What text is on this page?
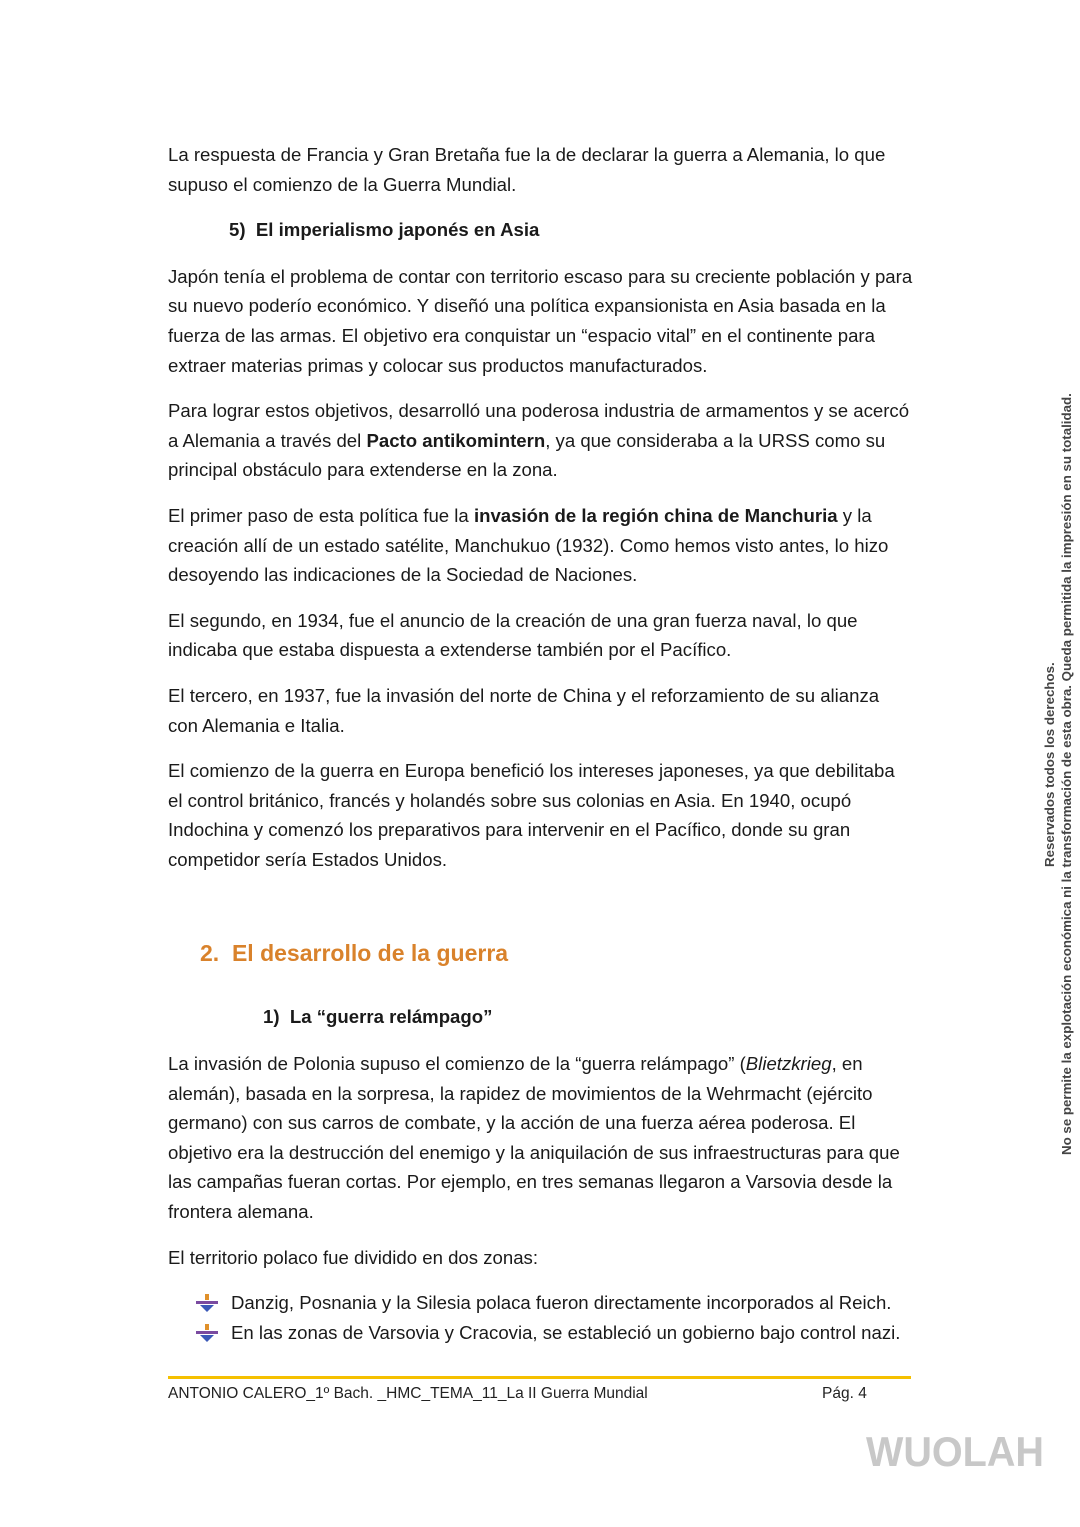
La respuesta de Francia y Gran Bretaña fue la de declarar la guerra a Alemania, lo que supuso el comienzo de la Guerra Mundial.

5) El imperialismo japonés en Asia

Japón tenía el problema de contar con territorio escaso para su creciente población y para su nuevo poderío económico. Y diseñó una política expansionista en Asia basada en la fuerza de las armas. El objetivo era conquistar un “espacio vital” en el continente para extraer materias primas y colocar sus productos manufacturados.

Para lograr estos objetivos, desarrolló una poderosa industria de armamentos y se acercó a Alemania a través del Pacto antikomintern, ya que consideraba a la URSS como su principal obstáculo para extenderse en la zona.

El primer paso de esta política fue la invasión de la región china de Manchuria y la creación allí de un estado satélite, Manchukuo (1932). Como hemos visto antes, lo hizo desoyendo las indicaciones de la Sociedad de Naciones.

El segundo, en 1934, fue el anuncio de la creación de una gran fuerza naval, lo que indicaba que estaba dispuesta a extenderse también por el Pacífico.

El tercero, en 1937, fue la invasión del norte de China y el reforzamiento de su alianza con Alemania e Italia.

El comienzo de la guerra en Europa benefició los intereses japoneses, ya que debilitaba el control británico, francés y holandés sobre sus colonias en Asia. En 1940, ocupó Indochina y comenzó los preparativos para intervenir en el Pacífico, donde su gran competidor sería Estados Unidos.

2.  El desarrollo de la guerra
1) La “guerra relámpago”

La invasión de Polonia supuso el comienzo de la “guerra relámpago” (Blietzkrieg, en alemán), basada en la sorpresa, la rapidez de movimientos de la Wehrmacht (ejército germano) con sus carros de combate, y la acción de una fuerza aérea poderosa. El objetivo era la destrucción del enemigo y la aniquilación de sus infraestructuras para que las campañas fueran cortas. Por ejemplo, en tres semanas llegaron a Varsovia desde la frontera alemana.

El territorio polaco fue dividido en dos zonas:

Danzig, Posnania y la Silesia polaca fueron directamente incorporados al Reich.
En las zonas de Varsovia y Cracovia, se estableció un gobierno bajo control nazi.
ANTONIO CALERO_1º Bach. _HMC_TEMA_11_La II Guerra Mundial	Pág. 4
Reservados todos los derechos. No se permite la explotación económica ni la transformación de esta obra. Queda permitida la impresión en su totalidad.
WUOLAH
